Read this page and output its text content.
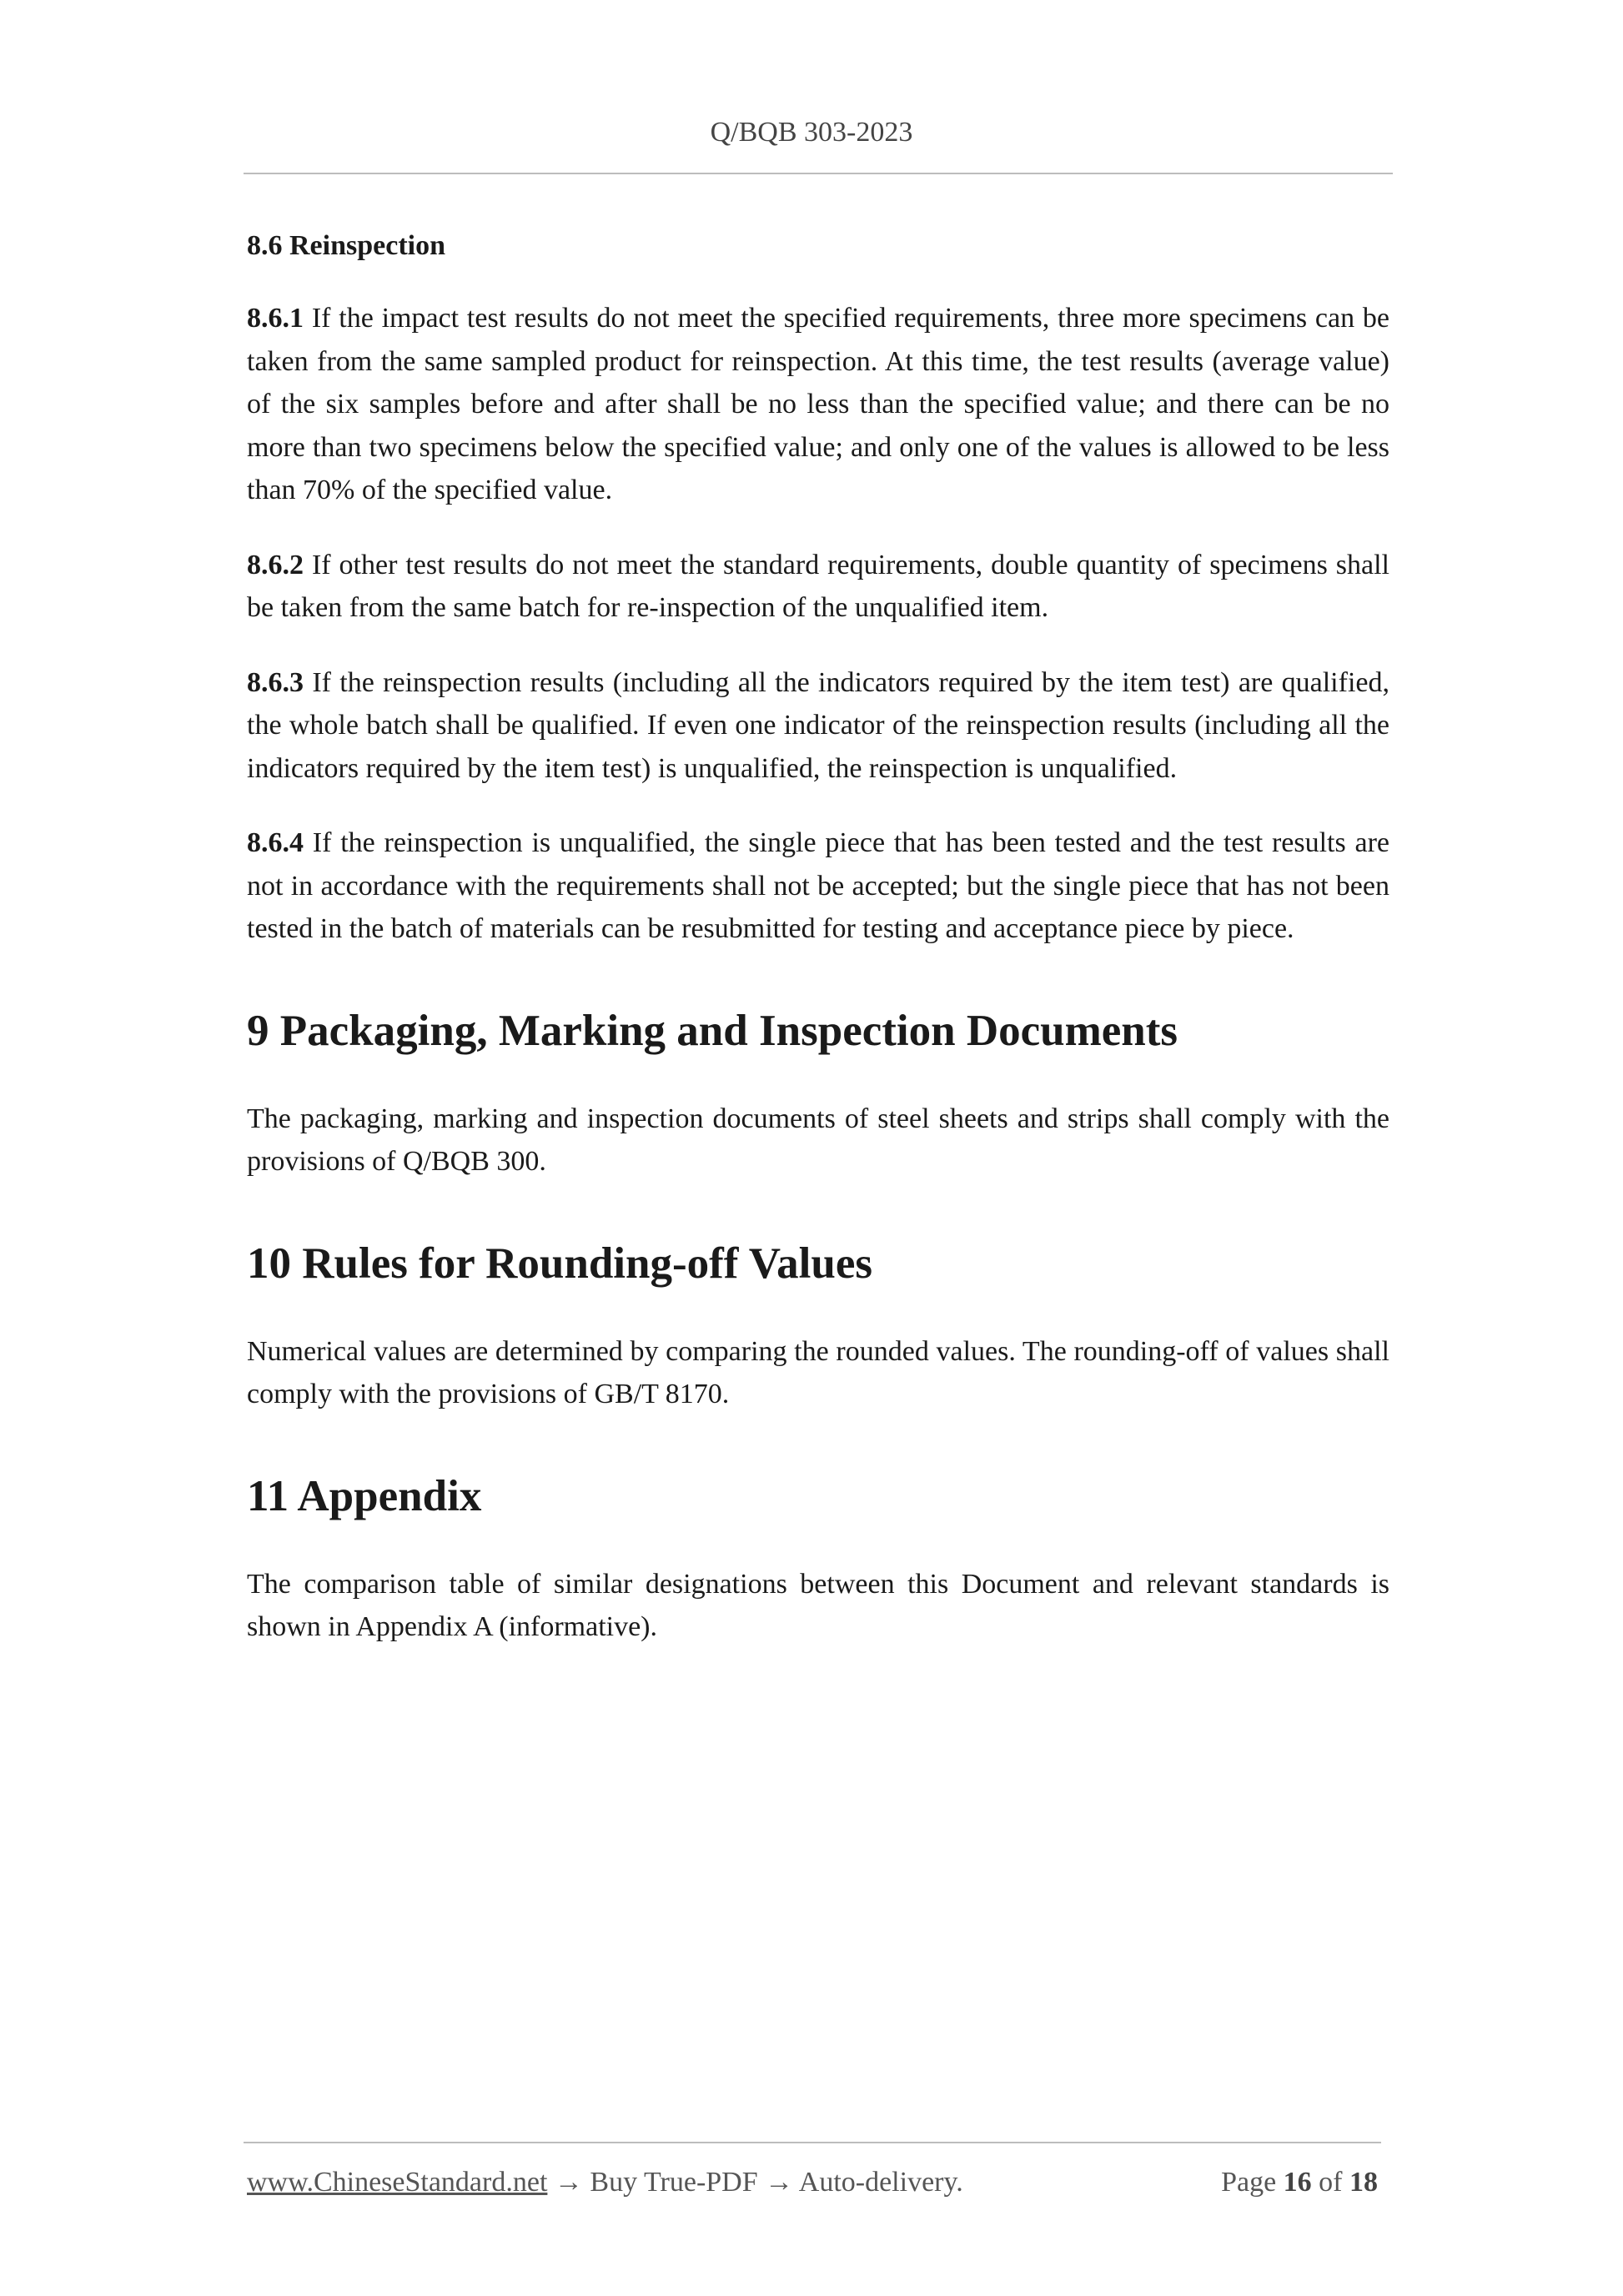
Q/BQB 303-2023
8.6 Reinspection

8.6.1 If the impact test results do not meet the specified requirements, three more specimens can be taken from the same sampled product for reinspection. At this time, the test results (average value) of the six samples before and after shall be no less than the specified value; and there can be no more than two specimens below the specified value; and only one of the values is allowed to be less than 70% of the specified value.

8.6.2 If other test results do not meet the standard requirements, double quantity of specimens shall be taken from the same batch for re-inspection of the unqualified item.

8.6.3 If the reinspection results (including all the indicators required by the item test) are qualified, the whole batch shall be qualified. If even one indicator of the reinspection results (including all the indicators required by the item test) is unqualified, the reinspection is unqualified.

8.6.4 If the reinspection is unqualified, the single piece that has been tested and the test results are not in accordance with the requirements shall not be accepted; but the single piece that has not been tested in the batch of materials can be resubmitted for testing and acceptance piece by piece.

9 Packaging, Marking and Inspection Documents

The packaging, marking and inspection documents of steel sheets and strips shall comply with the provisions of Q/BQB 300.

10 Rules for Rounding-off Values

Numerical values are determined by comparing the rounded values. The rounding-off of values shall comply with the provisions of GB/T 8170.

11 Appendix

The comparison table of similar designations between this Document and relevant standards is shown in Appendix A (informative).

www.ChineseStandard.net → Buy True-PDF → Auto-delivery.	Page 16 of 18
